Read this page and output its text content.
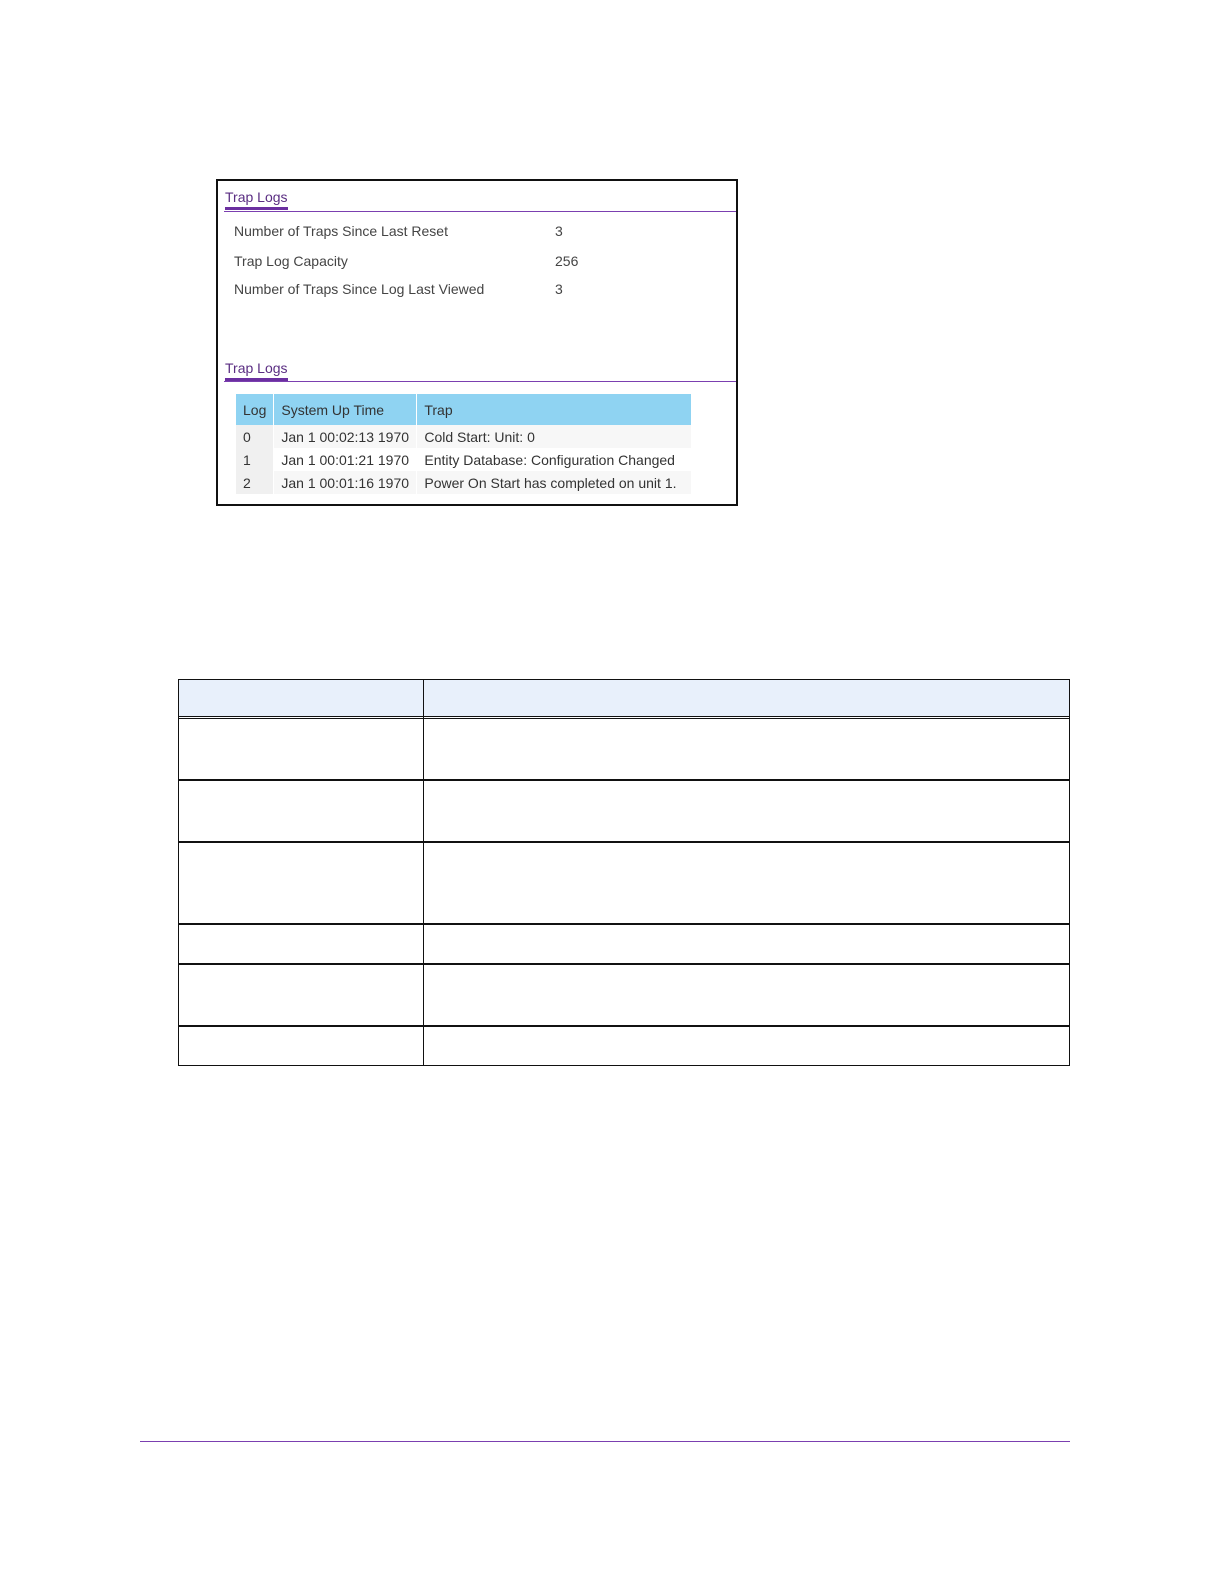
Trap Logs
Number of Traps Since Last Reset	3
Trap Log Capacity	256
Number of Traps Since Log Last Viewed	3
Trap Logs
Log	System Up Time	Trap
0	Jan 1 00:02:13 1970	Cold Start: Unit: 0
1	Jan 1 00:01:21 1970	Entity Database: Configuration Changed
2	Jan 1 00:01:16 1970	Power On Start has completed on unit 1.
